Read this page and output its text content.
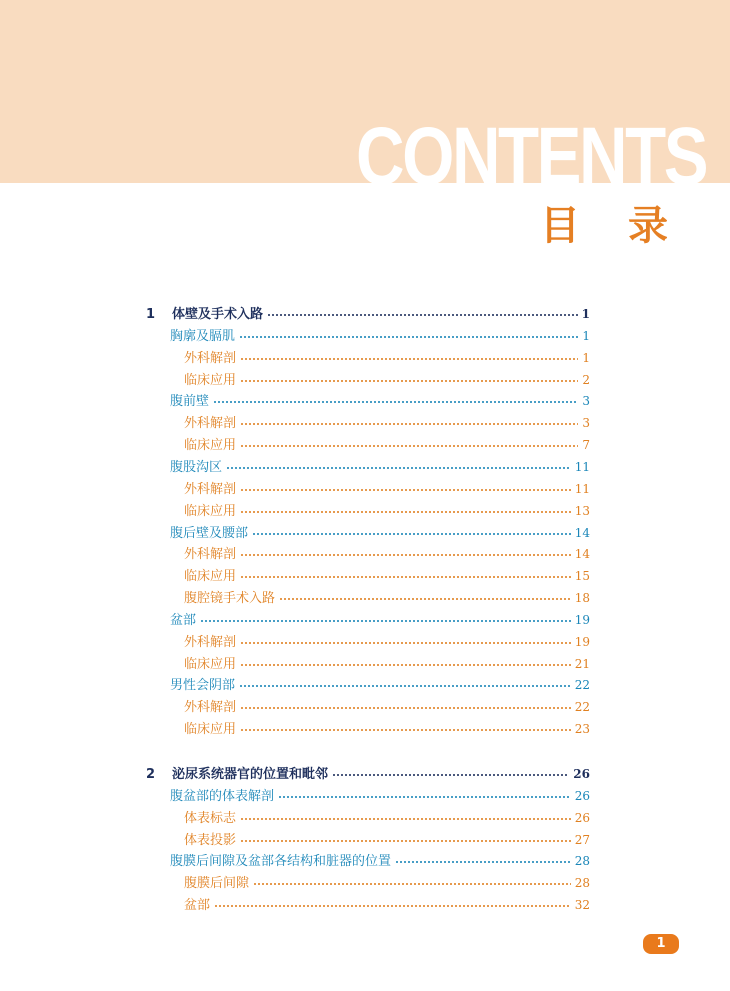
CONTENTS
目录
1	体壁及手术入路	1
胸廓及膈肌	1
外科解剖	1
临床应用	2
腹前壁	3
外科解剖	3
临床应用	7
腹股沟区	11
外科解剖	11
临床应用	13
腹后壁及腰部	14
外科解剖	14
临床应用	15
腹腔镜手术入路	18
盆部	19
外科解剖	19
临床应用	21
男性会阴部	22
外科解剖	22
临床应用	23
2	泌尿系统器官的位置和毗邻	26
腹盆部的体表解剖	26
体表标志	26
体表投影	27
腹膜后间隙及盆部各结构和脏器的位置	28
腹膜后间隙	28
盆部	32
1
